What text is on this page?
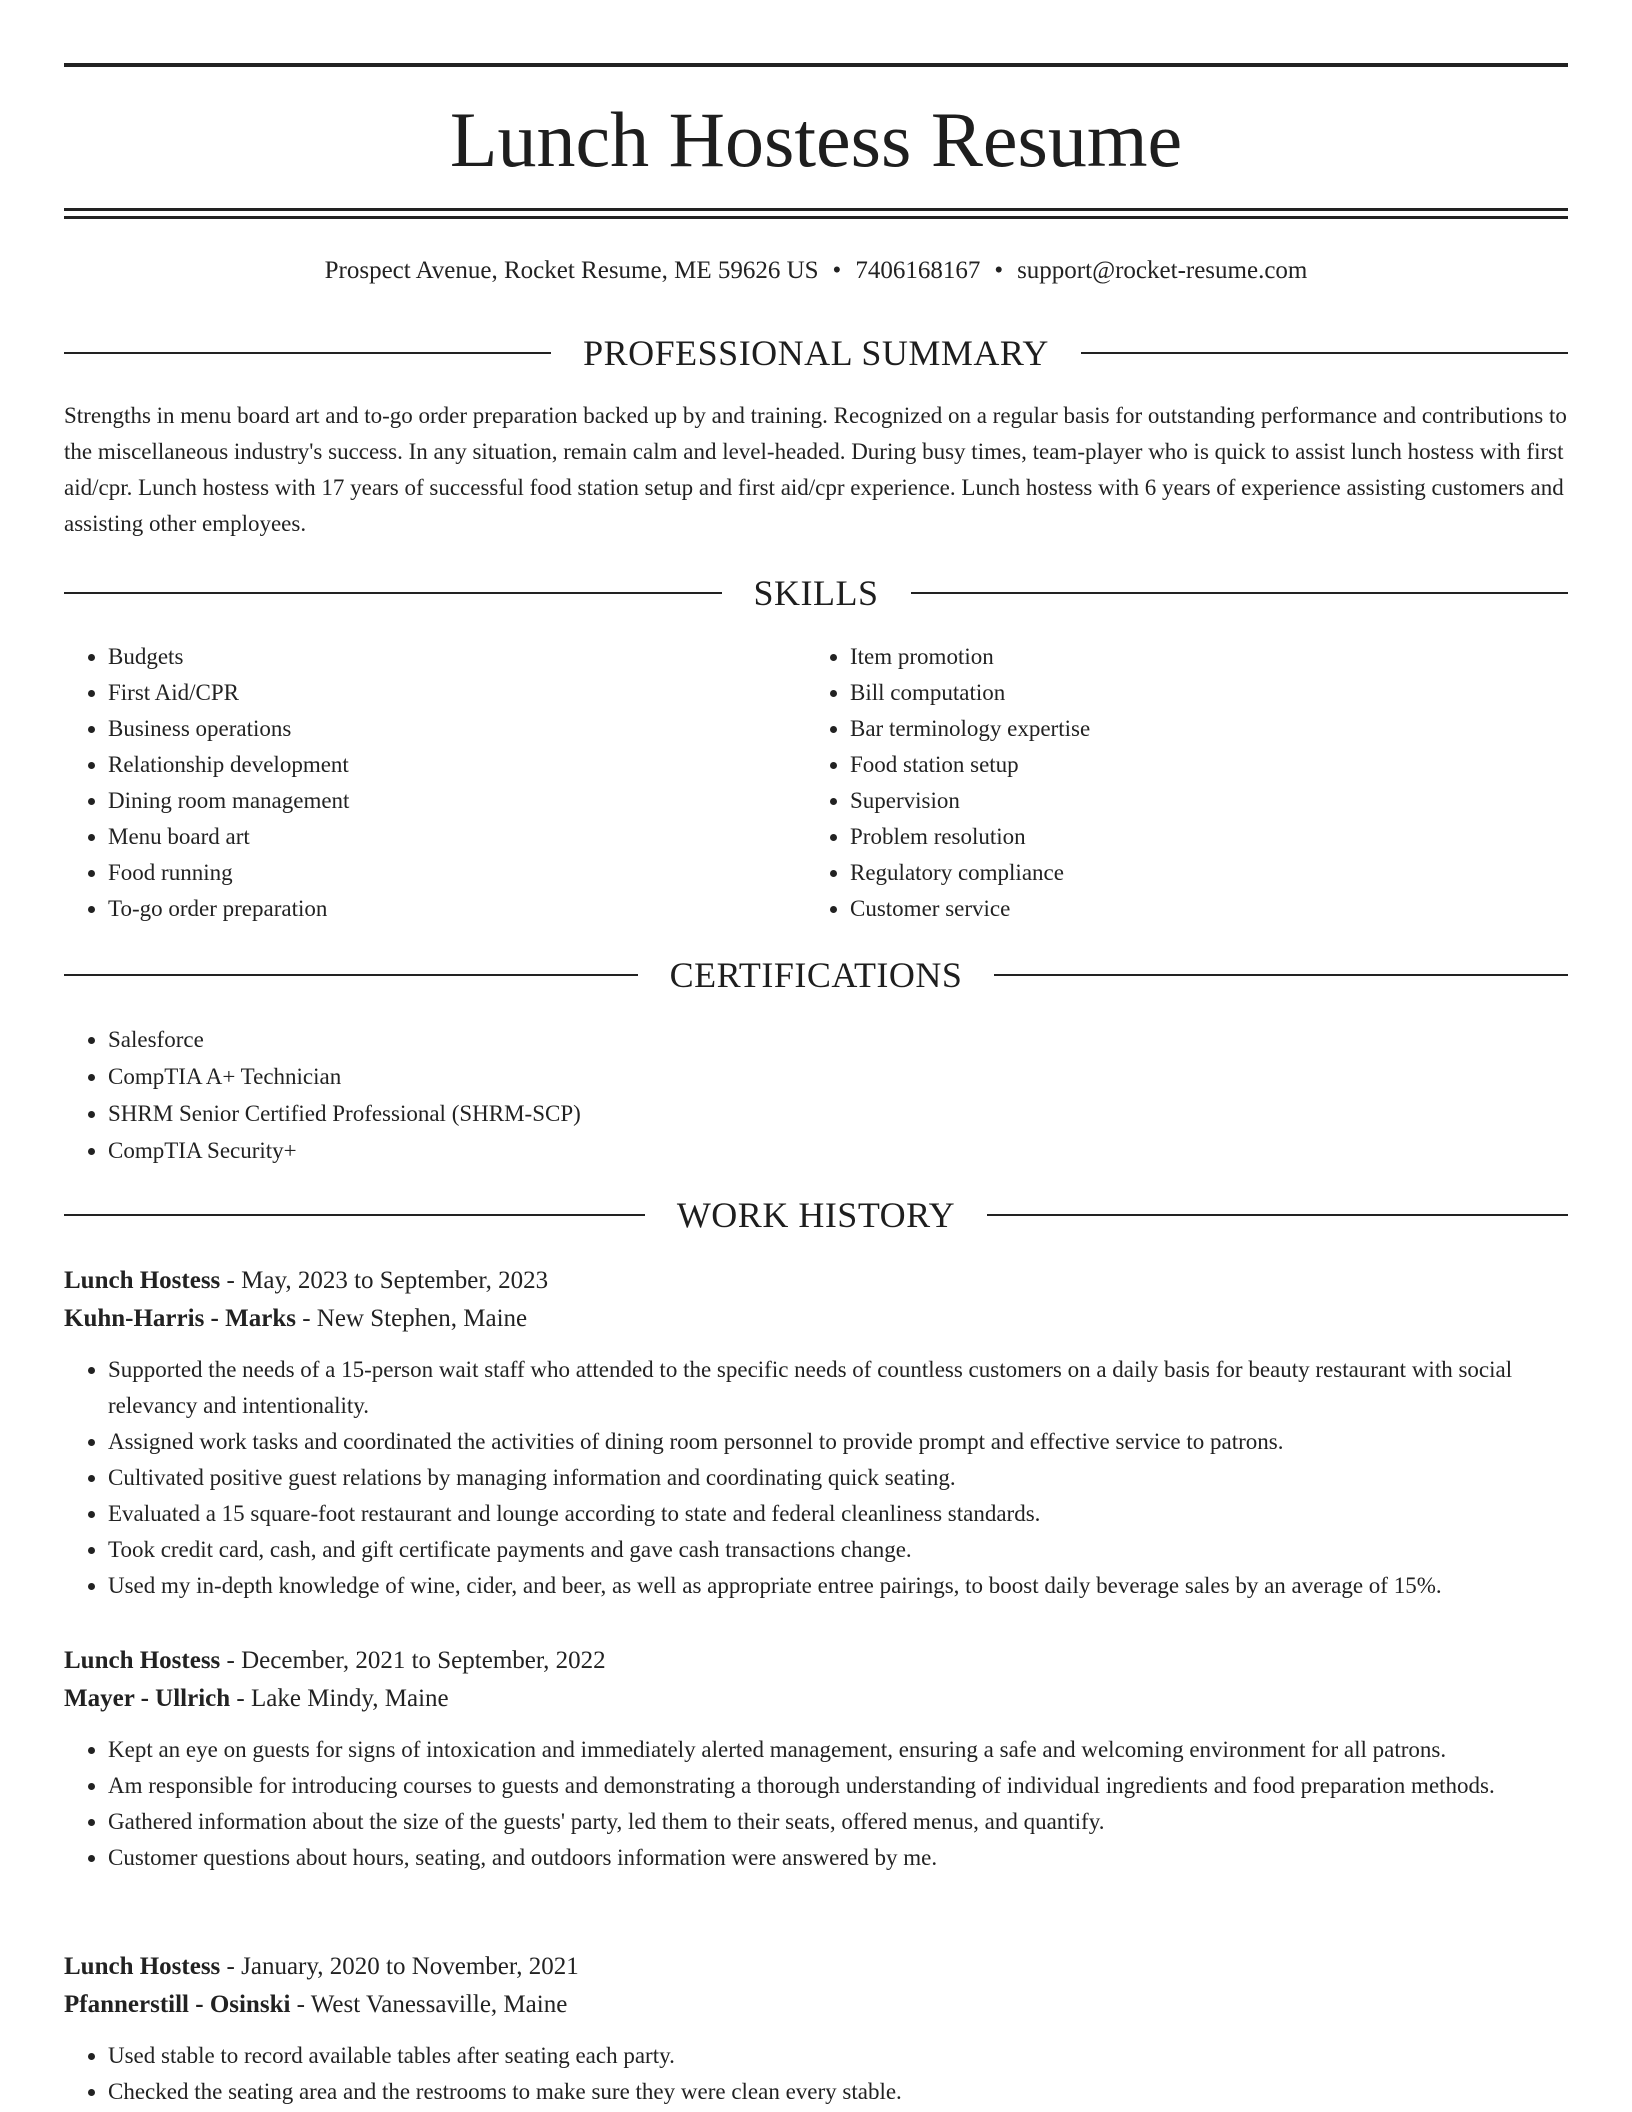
Lunch Hostess Resume
Prospect Avenue, Rocket Resume, ME 59626 US • 7406168167 • support@rocket-resume.com
PROFESSIONAL SUMMARY

Strengths in menu board art and to-go order preparation backed up by and training. Recognized on a regular basis for outstanding performance and contributions to the miscellaneous industry's success. In any situation, remain calm and level-headed. During busy times, team-player who is quick to assist lunch hostess with first aid/cpr. Lunch hostess with 17 years of successful food station setup and first aid/cpr experience. Lunch hostess with 6 years of experience assisting customers and assisting other employees.

SKILLS
• Budgets
• First Aid/CPR
• Business operations
• Relationship development
• Dining room management
• Menu board art
• Food running
• To-go order preparation
• Item promotion
• Bill computation
• Bar terminology expertise
• Food station setup
• Supervision
• Problem resolution
• Regulatory compliance
• Customer service
CERTIFICATIONS
• Salesforce
• CompTIA A+ Technician
• SHRM Senior Certified Professional (SHRM-SCP)
• CompTIA Security+
WORK HISTORY
Lunch Hostess - May, 2023 to September, 2023
Kuhn-Harris - Marks - New Stephen, Maine
• Supported the needs of a 15-person wait staff who attended to the specific needs of countless customers on a daily basis for beauty restaurant with social relevancy and intentionality.
• Assigned work tasks and coordinated the activities of dining room personnel to provide prompt and effective service to patrons.
• Cultivated positive guest relations by managing information and coordinating quick seating.
• Evaluated a 15 square-foot restaurant and lounge according to state and federal cleanliness standards.
• Took credit card, cash, and gift certificate payments and gave cash transactions change.
• Used my in-depth knowledge of wine, cider, and beer, as well as appropriate entree pairings, to boost daily beverage sales by an average of 15%.
Lunch Hostess - December, 2021 to September, 2022
Mayer - Ullrich - Lake Mindy, Maine
• Kept an eye on guests for signs of intoxication and immediately alerted management, ensuring a safe and welcoming environment for all patrons.
• Am responsible for introducing courses to guests and demonstrating a thorough understanding of individual ingredients and food preparation methods.
• Gathered information about the size of the guests' party, led them to their seats, offered menus, and quantify.
• Customer questions about hours, seating, and outdoors information were answered by me.
Lunch Hostess - January, 2020 to November, 2021
Pfannerstill - Osinski - West Vanessaville, Maine
• Used stable to record available tables after seating each party.
• Checked the seating area and the restrooms to make sure they were clean every stable.
